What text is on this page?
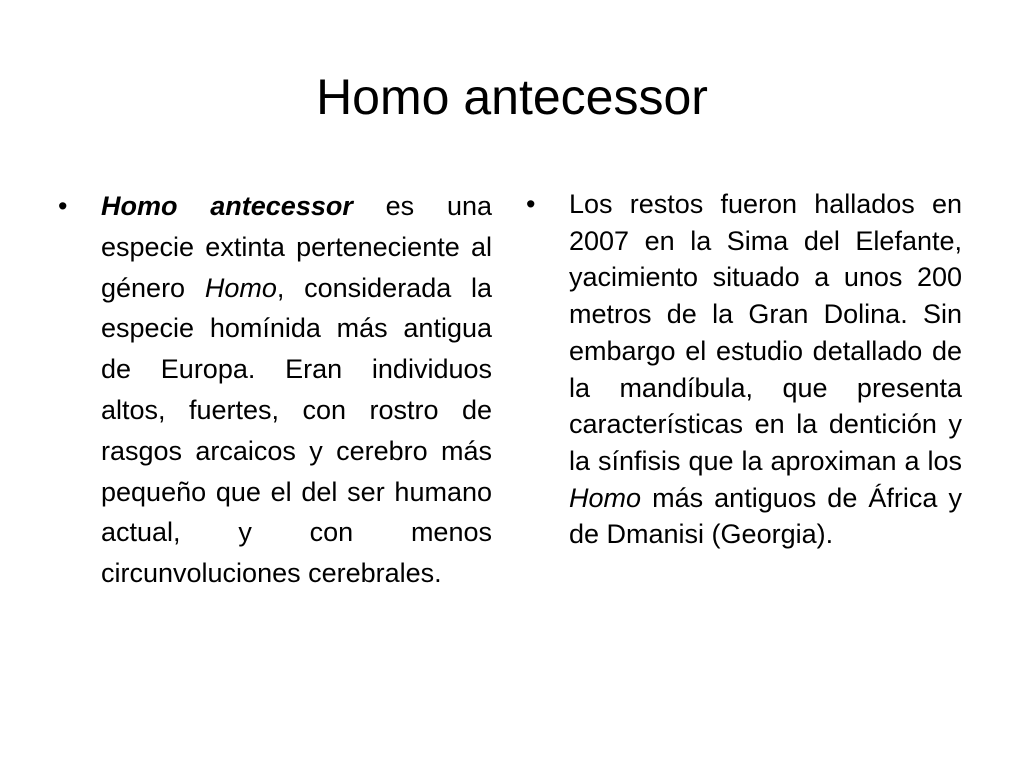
Homo antecessor
• Homo antecessor es una especie extinta perteneciente al género Homo, considerada la especie homínida más antigua de Europa. Eran individuos altos, fuertes, con rostro de rasgos arcaicos y cerebro más pequeño que el del ser humano actual, y con menos circunvoluciones cerebrales.
• Los restos fueron hallados en 2007 en la Sima del Elefante, yacimiento situado a unos 200 metros de la Gran Dolina. Sin embargo el estudio detallado de la mandíbula, que presenta características en la dentición y la sínfisis que la aproximan a los Homo más antiguos de África y de Dmanisi (Georgia).
